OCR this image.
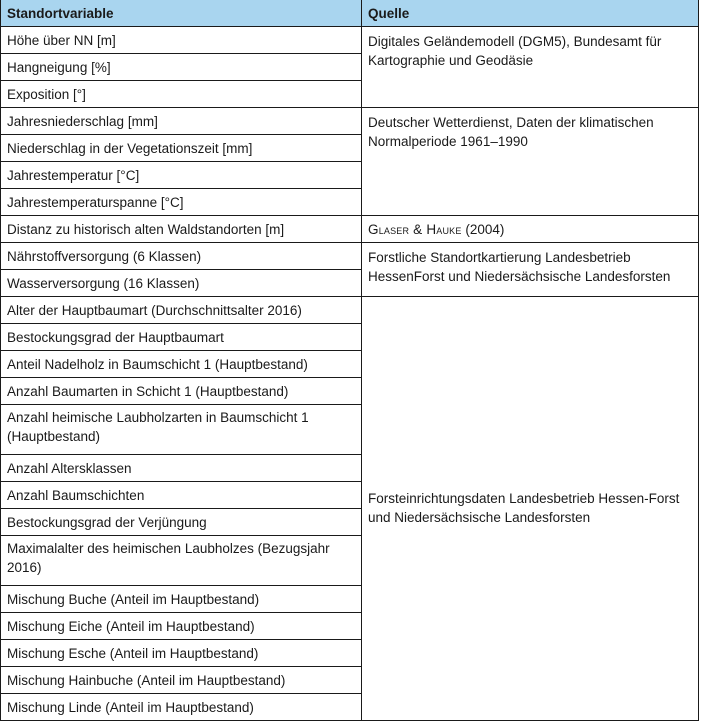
Standortvariable	Quelle
Höhe über NN [m]	Digitales Geländemodell (DGM5), Bundesamt für Kartographie und Geodäsie
Hangneigung [%]	
Exposition [°]	
Jahresniederschlag [mm]	Deutscher Wetterdienst, Daten der klimatischen Normalperiode 1961–1990
Niederschlag in der Vegetationszeit [mm]	
Jahrestemperatur [°C]	
Jahrestemperaturspanne [°C]	
Distanz zu historisch alten Waldstandorten [m]	Glaser & Hauke (2004)
Nährstoffversorgung (6 Klassen)	Forstliche Standortkartierung Landesbetrieb HessenForst und Niedersächsische Landesforsten
Wasserversorgung (16 Klassen)	
Alter der Hauptbaumart (Durchschnittsalter 2016)	Forsteinrichtungsdaten Landesbetrieb Hessen-Forst und Niedersächsische Landesforsten
Bestockungsgrad der Hauptbaumart	
Anteil Nadelholz in Baumschicht 1 (Hauptbestand)	
Anzahl Baumarten in Schicht 1 (Hauptbestand)	
Anzahl heimische Laubholzarten in Baumschicht 1 (Hauptbestand)	
Anzahl Altersklassen	
Anzahl Baumschichten	
Bestockungsgrad der Verjüngung	
Maximalalter des heimischen Laubholzes (Bezugsjahr 2016)	
Mischung Buche (Anteil im Hauptbestand)	
Mischung Eiche (Anteil im Hauptbestand)	
Mischung Esche (Anteil im Hauptbestand)	
Mischung Hainbuche (Anteil im Hauptbestand)	
Mischung Linde (Anteil im Hauptbestand)	
